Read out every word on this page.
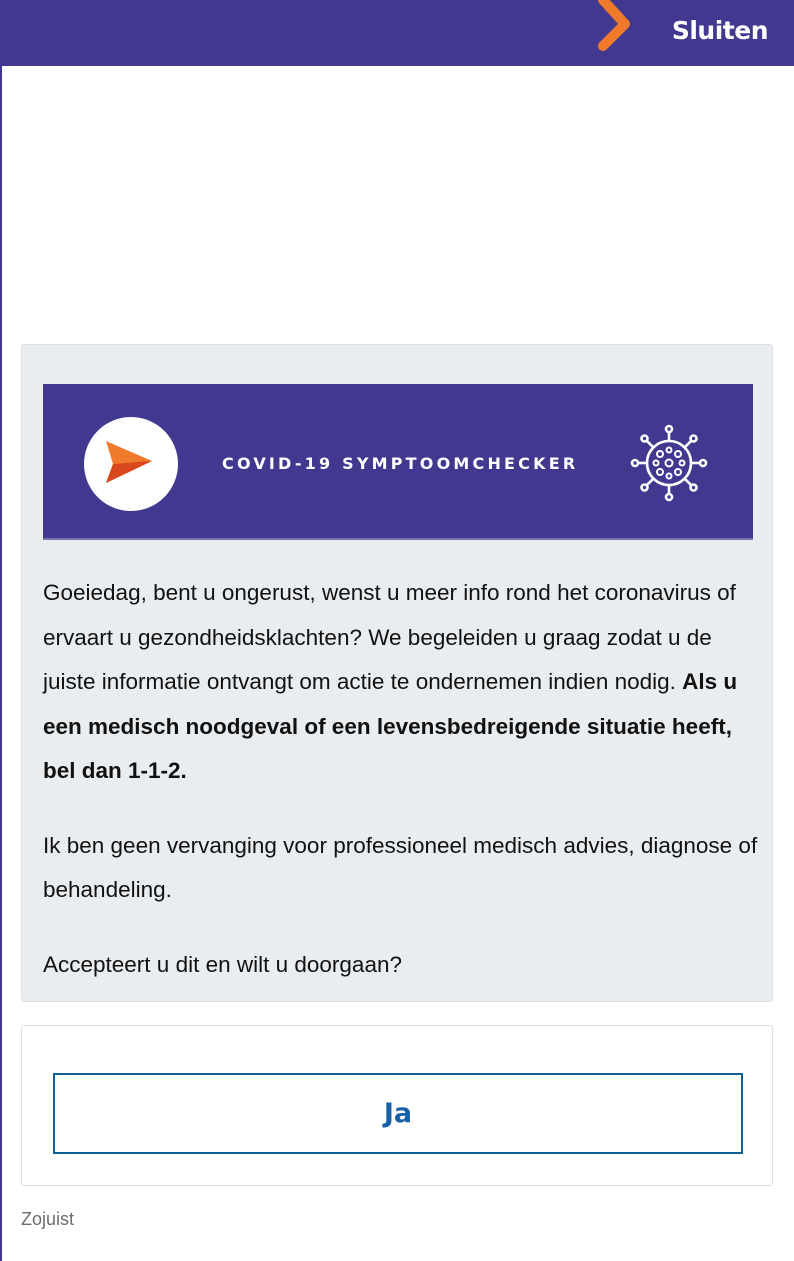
Sluiten
COVID-19 SYMPTOOMCHECKER

Goeiedag, bent u ongerust, wenst u meer info rond het coronavirus of ervaart u gezondheidsklachten? We begeleiden u graag zodat u de juiste informatie ontvangt om actie te ondernemen indien nodig. Als u een medisch noodgeval of een levensbedreigende situatie heeft, bel dan 1-1-2.

Ik ben geen vervanging voor professioneel medisch advies, diagnose of behandeling.

Accepteert u dit en wilt u doorgaan?

Ja
Zojuist
